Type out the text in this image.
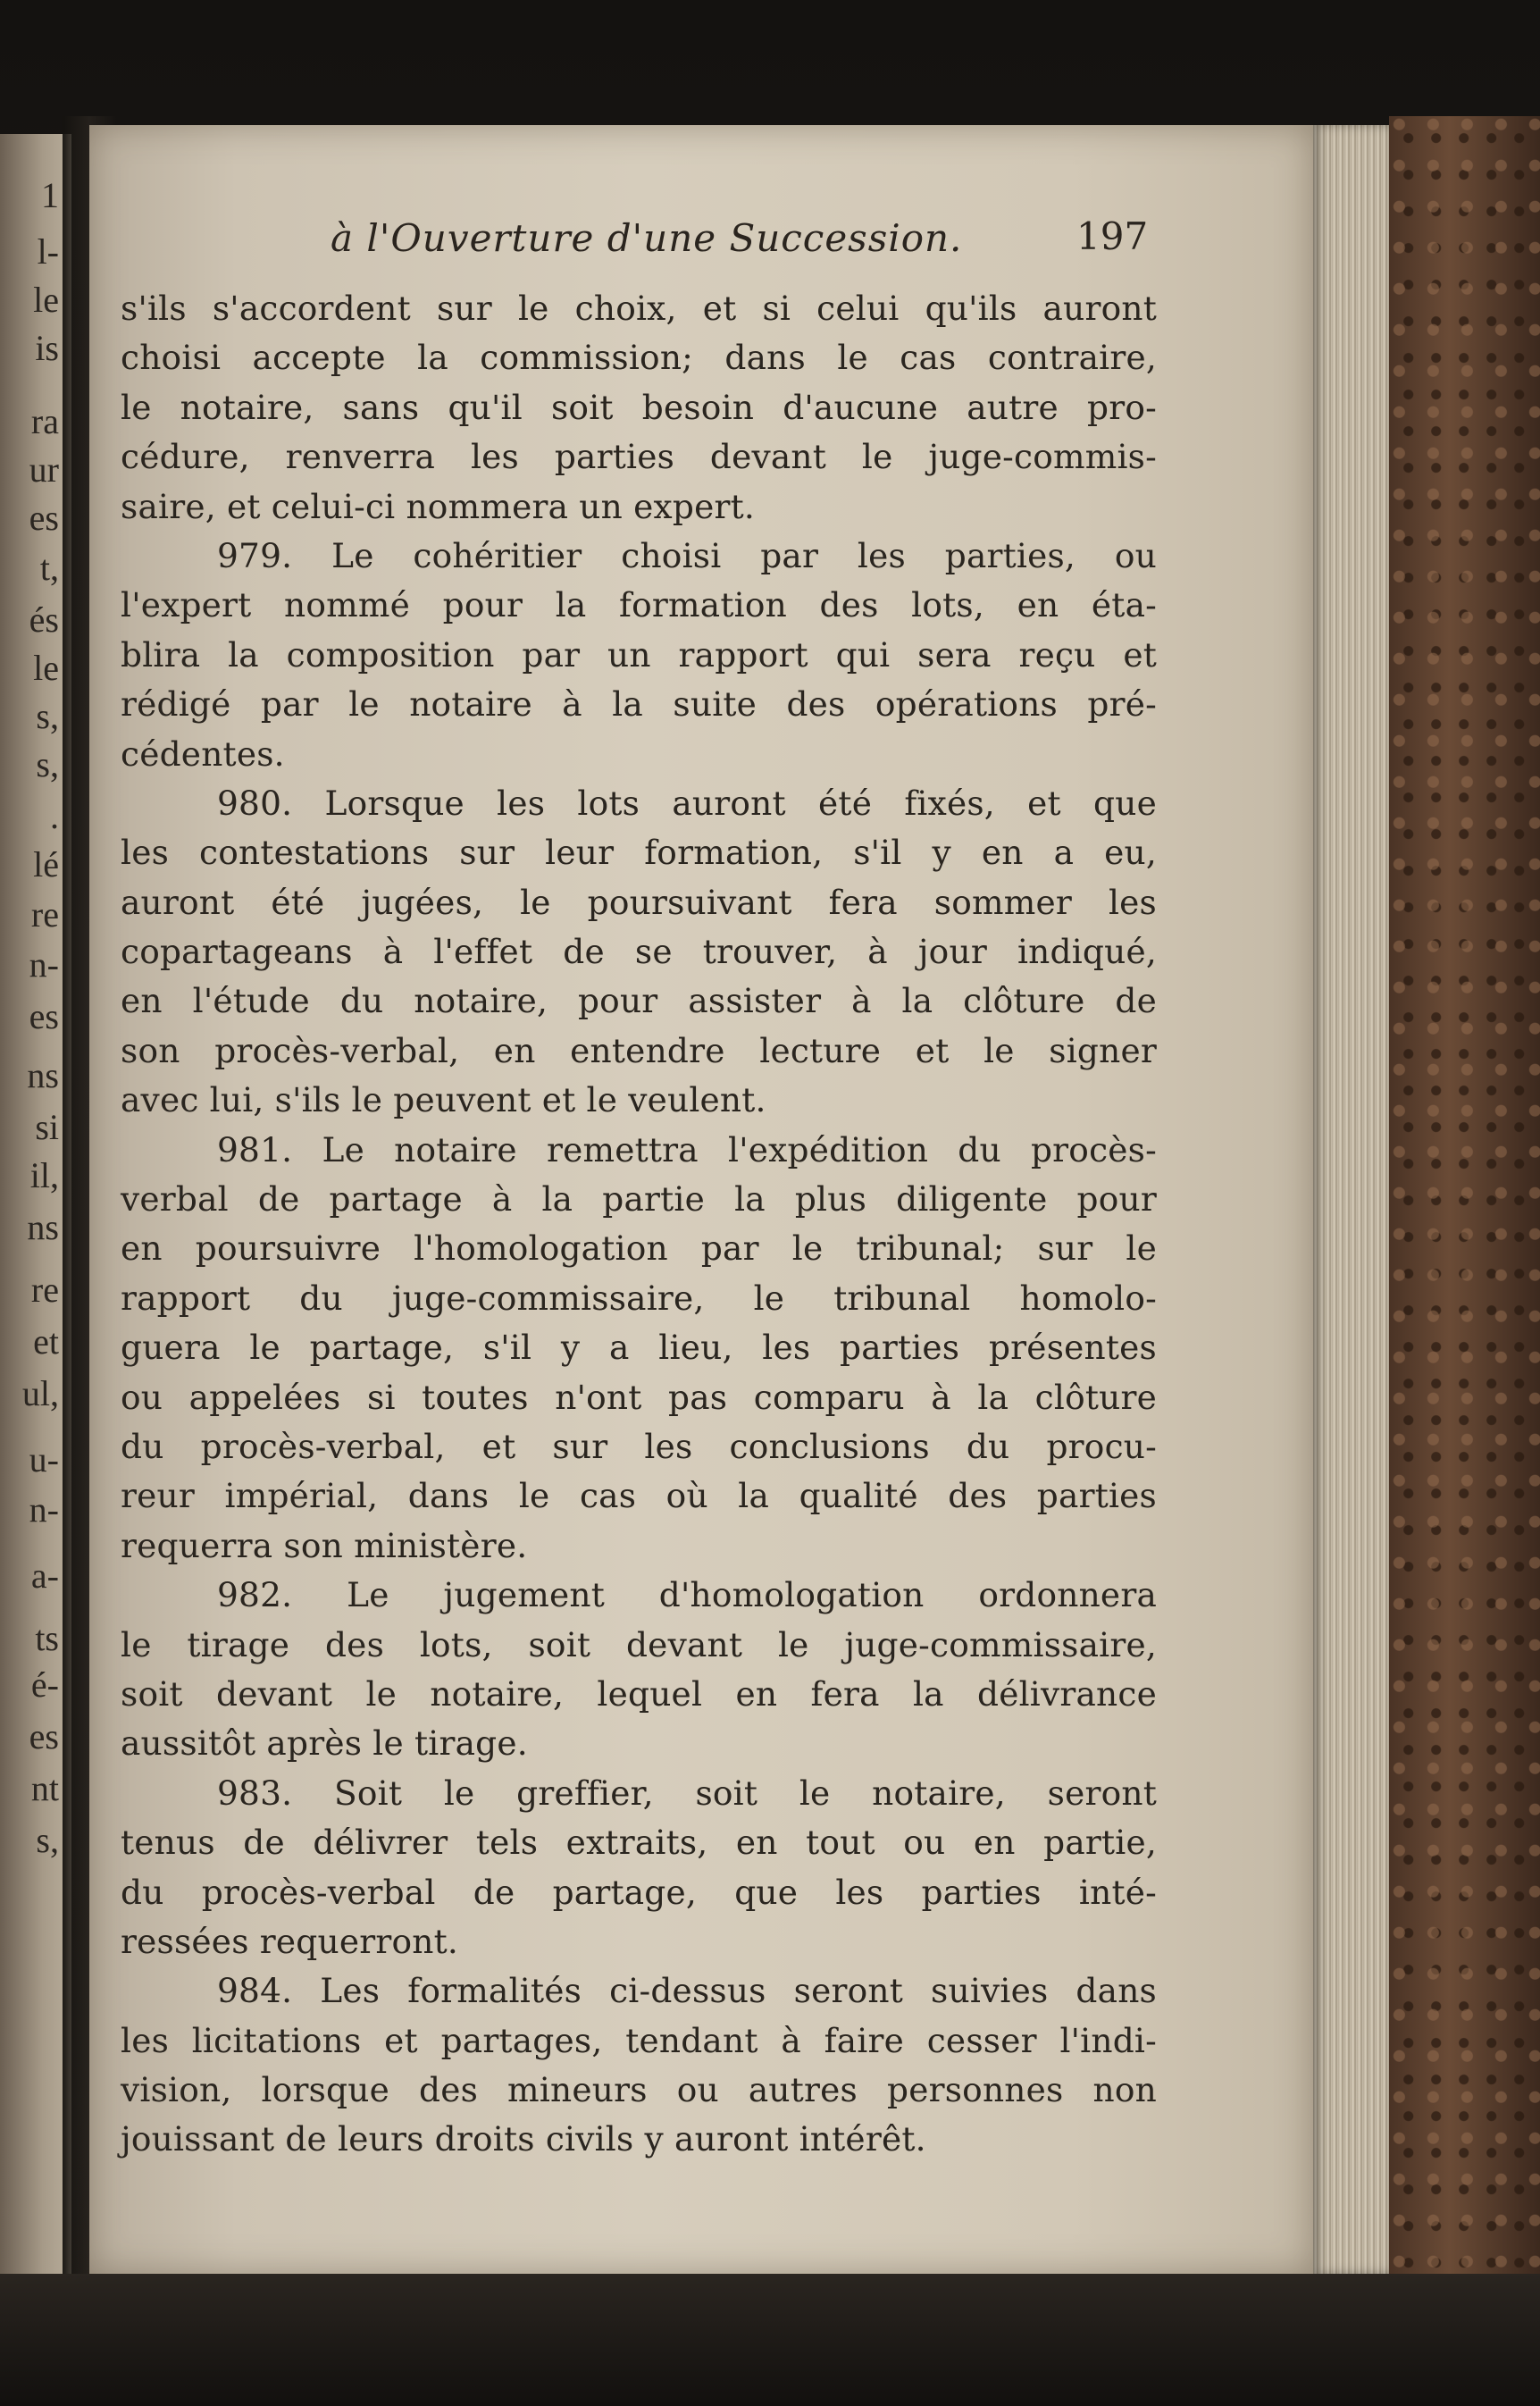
1
l-
le
is
ra
ur
es
t,
és
le
s,
s,
.
lé
re
n-
es
ns
si
il,
ns
re
et
ul,
u-
n-
a-
ts
é-
es
nt
s,
à l'Ouverture d'une Succession.	197
s'ils s'accordent sur le choix, et si celui qu'ils auront
choisi accepte la commission; dans le cas contraire,
le notaire, sans qu'il soit besoin d'aucune autre pro-
cédure, renverra les parties devant le juge-commis-
saire, et celui-ci nommera un expert.
979. Le cohéritier choisi par les parties, ou
l'expert nommé pour la formation des lots, en éta-
blira la composition par un rapport qui sera reçu et
rédigé par le notaire à la suite des opérations pré-
cédentes.
980. Lorsque les lots auront été fixés, et que
les contestations sur leur formation, s'il y en a eu,
auront été jugées, le poursuivant fera sommer les
copartageans à l'effet de se trouver, à jour indiqué,
en l'étude du notaire, pour assister à la clôture de
son procès-verbal, en entendre lecture et le signer
avec lui, s'ils le peuvent et le veulent.
981. Le notaire remettra l'expédition du procès-
verbal de partage à la partie la plus diligente pour
en poursuivre l'homologation par le tribunal; sur le
rapport du juge-commissaire, le tribunal homolo-
guera le partage, s'il y a lieu, les parties présentes
ou appelées si toutes n'ont pas comparu à la clôture
du procès-verbal, et sur les conclusions du procu-
reur impérial, dans le cas où la qualité des parties
requerra son ministère.
982. Le jugement d'homologation ordonnera
le tirage des lots, soit devant le juge-commissaire,
soit devant le notaire, lequel en fera la délivrance
aussitôt après le tirage.
983. Soit le greffier, soit le notaire, seront
tenus de délivrer tels extraits, en tout ou en partie,
du procès-verbal de partage, que les parties inté-
ressées requerront.
984. Les formalités ci-dessus seront suivies dans
les licitations et partages, tendant à faire cesser l'indi-
vision, lorsque des mineurs ou autres personnes non
jouissant de leurs droits civils y auront intérêt.
